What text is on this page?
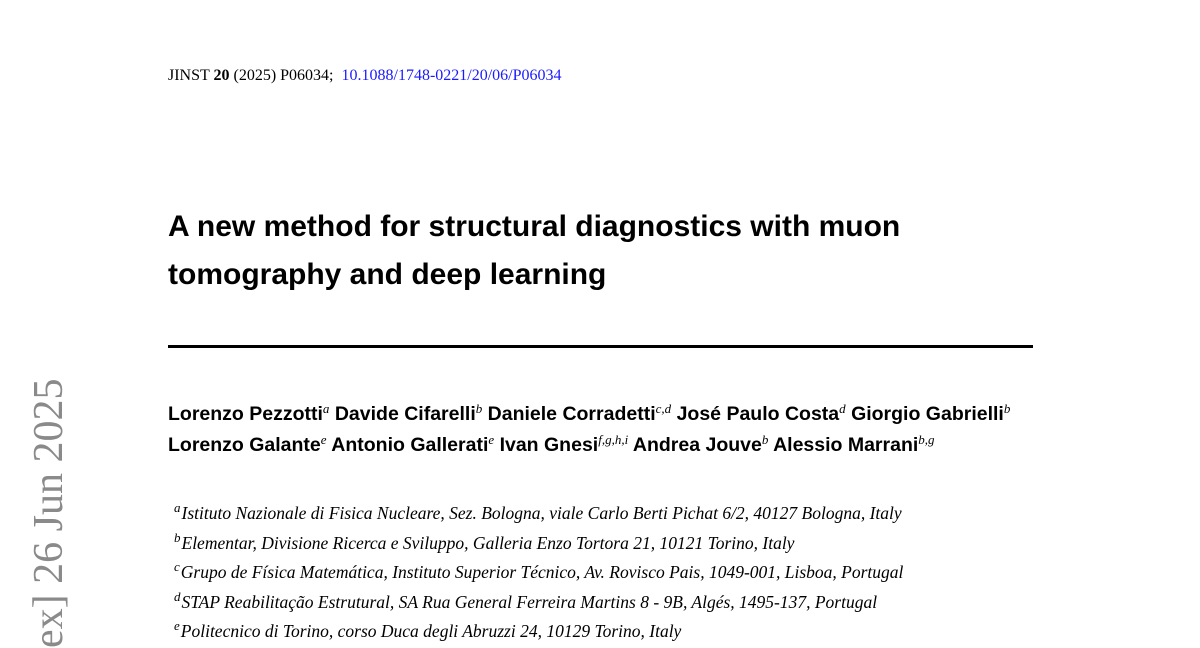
JINST 20 (2025) P06034; 10.1088/1748-0221/20/06/P06034
A new method for structural diagnostics with muon tomography and deep learning
Lorenzo Pezzotti$^a$ Davide Cifarelli$^b$ Daniele Corradetti$^{c,d}$ José Paulo Costa$^d$ Giorgio Gabrielli$^b$ Lorenzo Galante$^e$ Antonio Gallerati$^e$ Ivan Gnesi$^{f,g,h,i}$ Andrea Jouve$^b$ Alessio Marrani$^{b,g}$
$^a$Istituto Nazionale di Fisica Nucleare, Sez. Bologna, viale Carlo Berti Pichat 6/2, 40127 Bologna, Italy
$^b$Elementar, Divisione Ricerca e Sviluppo, Galleria Enzo Tortora 21, 10121 Torino, Italy
$^c$Grupo de Física Matemática, Instituto Superior Técnico, Av. Rovisco Pais, 1049-001, Lisboa, Portugal
$^d$STAP Reabilitação Estrutural, SA Rua General Ferreira Martins 8 - 9B, Algés, 1495-137, Portugal
$^e$Politecnico di Torino, corso Duca degli Abruzzi 24, 10129 Torino, Italy
ex] 26 Jun 2025
